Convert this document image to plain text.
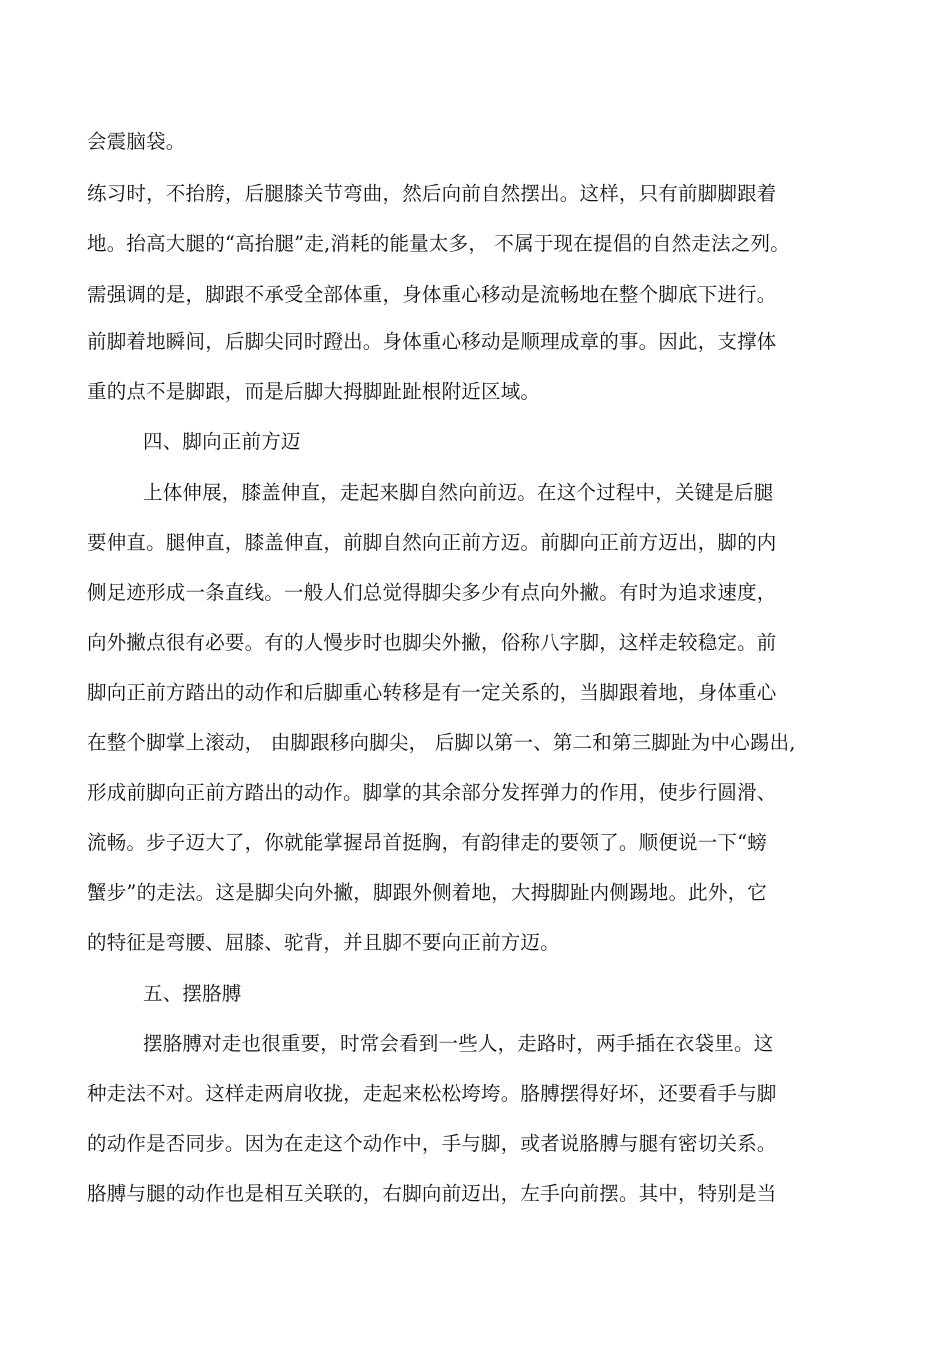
会震脑袋。
练习时，不抬胯，后腿膝关节弯曲，然后向前自然摆出。这样，只有前脚脚跟着
地。抬高大腿的“高抬腿”走,消耗的能量太多， 不属于现在提倡的自然走法之列。
需强调的是，脚跟不承受全部体重，身体重心移动是流畅地在整个脚底下进行。
前脚着地瞬间，后脚尖同时蹬出。身体重心移动是顺理成章的事。因此，支撑体
重的点不是脚跟，而是后脚大拇脚趾趾根附近区域。
四、脚向正前方迈
上体伸展，膝盖伸直，走起来脚自然向前迈。在这个过程中，关键是后腿
要伸直。腿伸直，膝盖伸直，前脚自然向正前方迈。前脚向正前方迈出，脚的内
侧足迹形成一条直线。一般人们总觉得脚尖多少有点向外撇。有时为追求速度，
向外撇点很有必要。有的人慢步时也脚尖外撇，俗称八字脚，这样走较稳定。前
脚向正前方踏出的动作和后脚重心转移是有一定关系的，当脚跟着地，身体重心
在整个脚掌上滚动， 由脚跟移向脚尖， 后脚以第一、第二和第三脚趾为中心踢出,
形成前脚向正前方踏出的动作。脚掌的其余部分发挥弹力的作用，使步行圆滑、
流畅。步子迈大了，你就能掌握昂首挺胸，有韵律走的要领了。顺便说一下“螃
蟹步”的走法。这是脚尖向外撇，脚跟外侧着地，大拇脚趾内侧踢地。此外，它
的特征是弯腰、屈膝、驼背，并且脚不要向正前方迈。
五、摆胳膊
摆胳膊对走也很重要，时常会看到一些人，走路时，两手插在衣袋里。这
种走法不对。这样走两肩收拢，走起来松松垮垮。胳膊摆得好坏，还要看手与脚
的动作是否同步。因为在走这个动作中，手与脚，或者说胳膊与腿有密切关系。
胳膊与腿的动作也是相互关联的，右脚向前迈出，左手向前摆。其中，特别是当
